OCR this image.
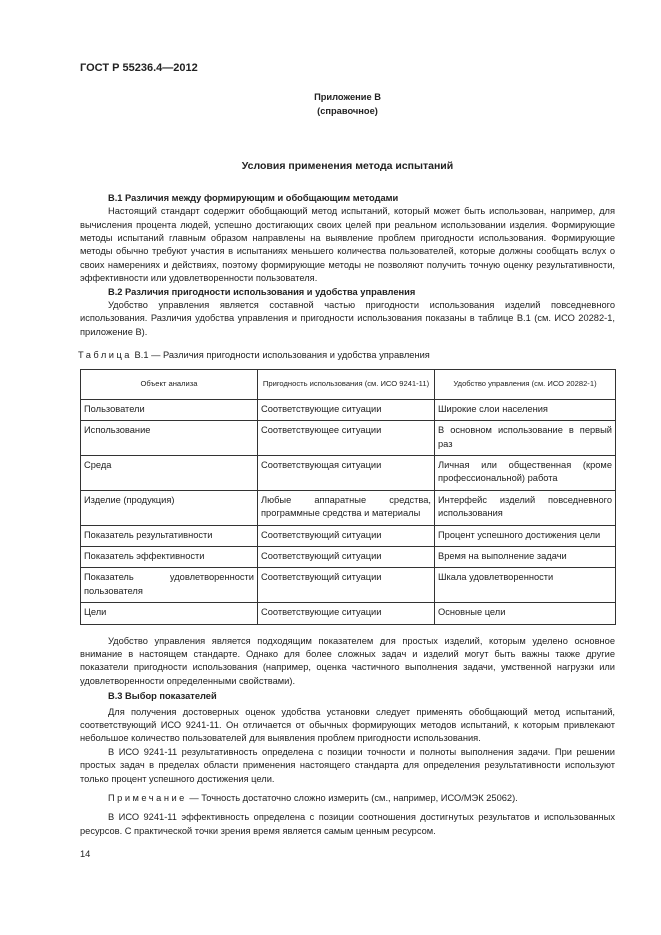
ГОСТ Р 55236.4—2012
Приложение В
(справочное)
Условия применения метода испытаний
В.1 Различия между формирующим и обобщающим методами

Настоящий стандарт содержит обобщающий метод испытаний, который может быть использован, например, для вычисления процента людей, успешно достигающих своих целей при реальном использовании изделия. Формирующие методы испытаний главным образом направлены на выявление проблем пригодности использования. Формирующие методы обычно требуют участия в испытаниях меньшего количества пользователей, которые должны сообщать вслух о своих намерениях и действиях, поэтому формирующие методы не позволяют получить точную оценку результативности, эффективности или удовлетворенности пользователя.

В.2 Различия пригодности использования и удобства управления

Удобство управления является составной частью пригодности использования изделий повседневного использования. Различия удобства управления и пригодности использования показаны в таблице В.1 (см. ИСО 20282-1, приложение В).

Таблица В.1 — Различия пригодности использования и удобства управления
Объект анализа	Пригодность использования (см. ИСО 9241-11)	Удобство управления (см. ИСО 20282-1)
Пользователи	Соответствующие ситуации	Широкие слои населения
Использование	Соответствующее ситуации	В основном использование в первый раз
Среда	Соответствующая ситуации	Личная или общественная (кроме профессиональной) работа
Изделие (продукция)	Любые аппаратные средства, программные средства и материалы	Интерфейс изделий повседневного использования
Показатель результативности	Соответствующий ситуации	Процент успешного достижения цели
Показатель эффективности	Соответствующий ситуации	Время на выполнение задачи
Показатель удовлетворенности пользователя	Соответствующий ситуации	Шкала удовлетворенности
Цели	Соответствующие ситуации	Основные цели

Удобство управления является подходящим показателем для простых изделий, которым уделено основное внимание в настоящем стандарте. Однако для более сложных задач и изделий могут быть важны также другие показатели пригодности использования (например, оценка частичного выполнения задачи, умственной нагрузки или удовлетворенности определенными свойствами).

В.3 Выбор показателей

Для получения достоверных оценок удобства установки следует применять обобщающий метод испытаний, соответствующий ИСО 9241-11. Он отличается от обычных формирующих методов испытаний, к которым привлекают небольшое количество пользователей для выявления проблем пригодности использования.

В ИСО 9241-11 результативность определена с позиции точности и полноты выполнения задачи. При решении простых задач в пределах области применения настоящего стандарта для определения результативности используют только процент успешного достижения цели.

Примечание — Точность достаточно сложно измерить (см., например, ИСО/МЭК 25062).

В ИСО 9241-11 эффективность определена с позиции соотношения достигнутых результатов и использованных ресурсов. С практической точки зрения время является самым ценным ресурсом.

14
